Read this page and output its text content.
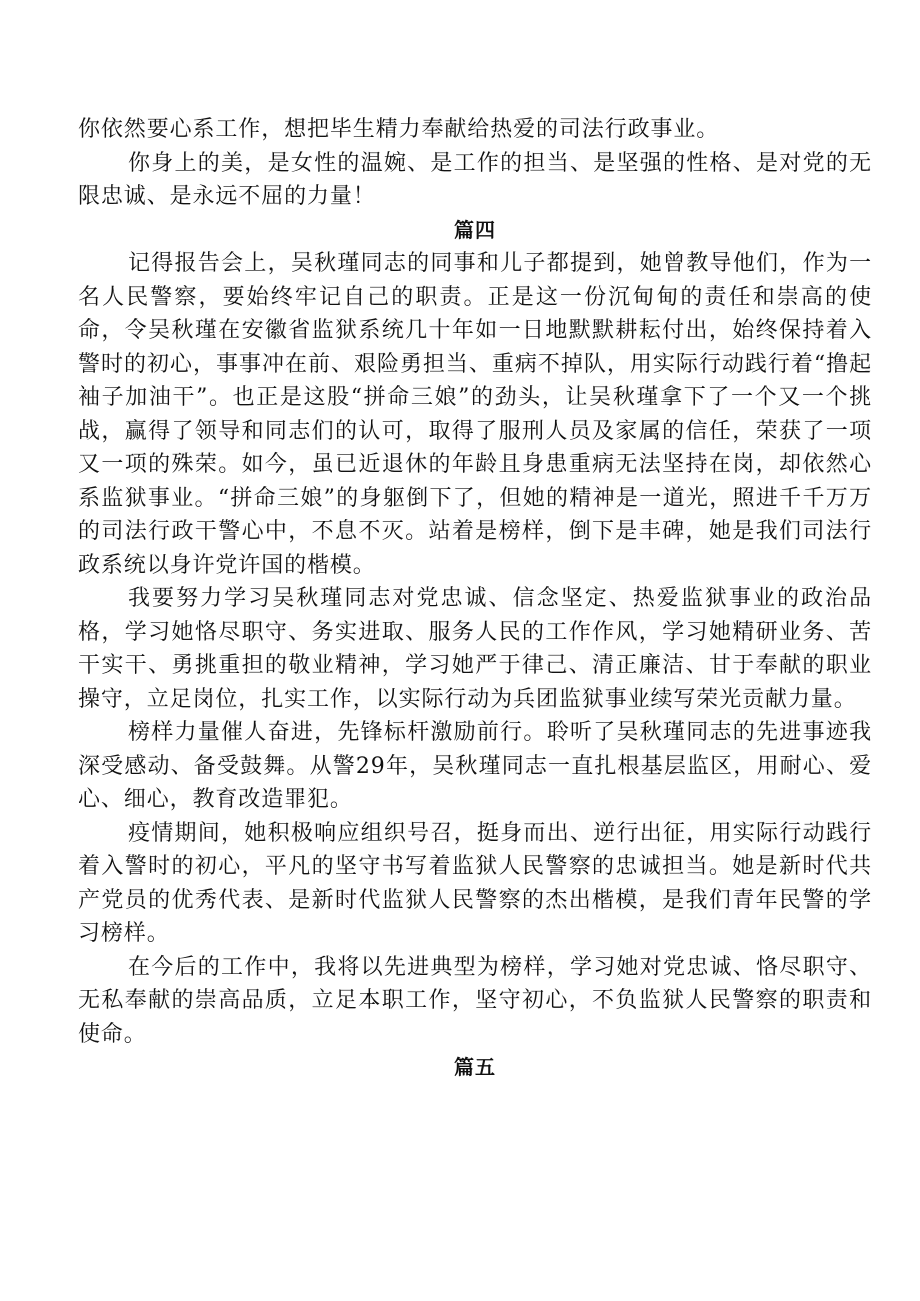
你依然要心系工作，想把毕生精力奉献给热爱的司法行政事业。

你身上的美，是女性的温婉、是工作的担当、是坚强的性格、是对党的无限忠诚、是永远不屈的力量！

篇四

记得报告会上，吴秋瑾同志的同事和儿子都提到，她曾教导他们，作为一名人民警察，要始终牢记自己的职责。正是这一份沉甸甸的责任和崇高的使命，令吴秋瑾在安徽省监狱系统几十年如一日地默默耕耘付出，始终保持着入警时的初心，事事冲在前、艰险勇担当、重病不掉队，用实际行动践行着“撸起袖子加油干”。也正是这股“拼命三娘”的劲头，让吴秋瑾拿下了一个又一个挑战，赢得了领导和同志们的认可，取得了服刑人员及家属的信任，荣获了一项又一项的殊荣。如今，虽已近退休的年龄且身患重病无法坚持在岗，却依然心系监狱事业。“拼命三娘”的身躯倒下了，但她的精神是一道光，照进千千万万的司法行政干警心中，不息不灭。站着是榜样，倒下是丰碑，她是我们司法行政系统以身许党许国的楷模。

我要努力学习吴秋瑾同志对党忠诚、信念坚定、热爱监狱事业的政治品格，学习她恪尽职守、务实进取、服务人民的工作作风，学习她精研业务、苦干实干、勇挑重担的敬业精神，学习她严于律己、清正廉洁、甘于奉献的职业操守，立足岗位，扎实工作，以实际行动为兵团监狱事业续写荣光贡献力量。

榜样力量催人奋进，先锋标杆激励前行。聆听了吴秋瑾同志的先进事迹我深受感动、备受鼓舞。从警29年，吴秋瑾同志一直扎根基层监区，用耐心、爱心、细心，教育改造罪犯。

疫情期间，她积极响应组织号召，挺身而出、逆行出征，用实际行动践行着入警时的初心，平凡的坚守书写着监狱人民警察的忠诚担当。她是新时代共产党员的优秀代表、是新时代监狱人民警察的杰出楷模，是我们青年民警的学习榜样。

在今后的工作中，我将以先进典型为榜样，学习她对党忠诚、恪尽职守、无私奉献的崇高品质，立足本职工作，坚守初心，不负监狱人民警察的职责和使命。

篇五
